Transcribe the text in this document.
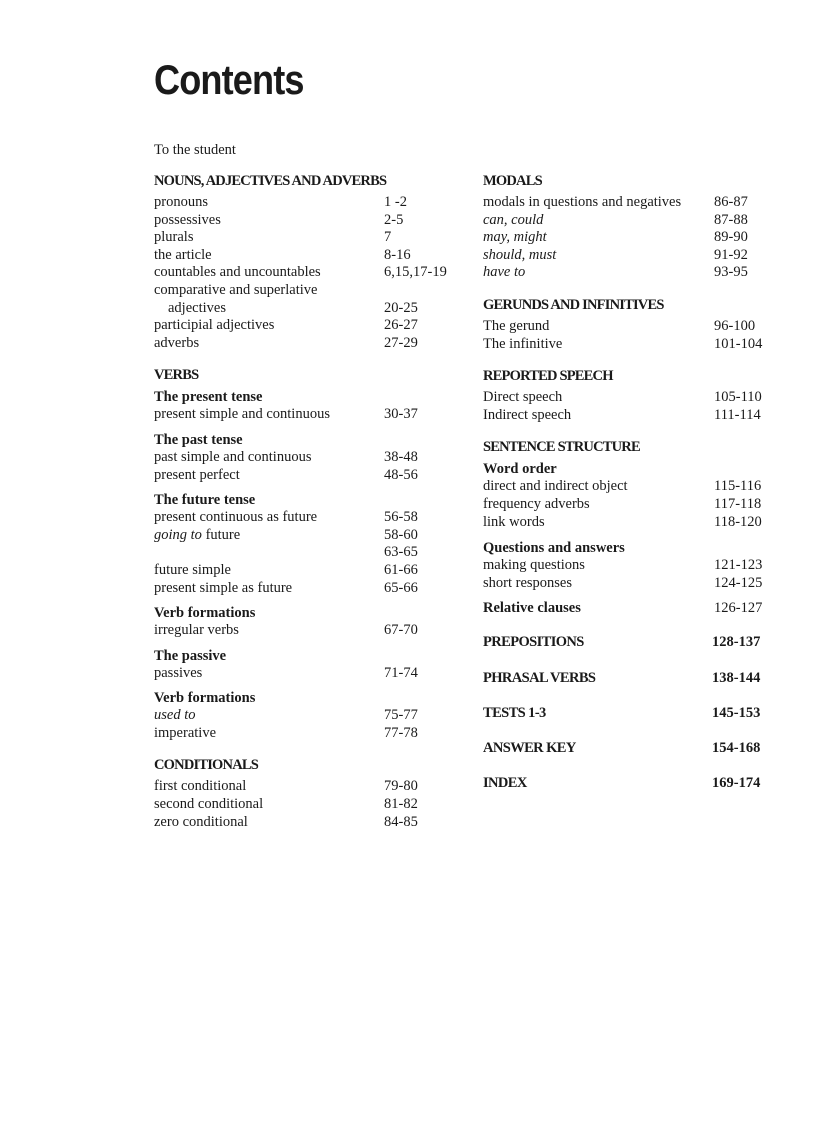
Contents
To the student
NOUNS, ADJECTIVES AND ADVERBS
pronouns	1 -2
possessives	2-5
plurals	7
the article	8-16
countables and uncountables	6,15,17-19
comparative and superlative
adjectives	20-25
participial adjectives	26-27
adverbs	27-29
VERBS
The present tense
present simple and continuous	30-37
The past tense
past simple and continuous	38-48
present perfect	48-56
The future tense
present continuous as future	56-58
going to future	58-60
63-65
future simple	61-66
present simple as future	65-66
Verb formations
irregular verbs	67-70
The passive
passives	71-74
Verb formations
used to	75-77
imperative	77-78
CONDITIONALS
first conditional	79-80
second conditional	81-82
zero conditional	84-85
MODALS
modals in questions and negatives	86-87
can, could	87-88
may, might	89-90
should, must	91-92
have to	93-95
GERUNDS AND INFINITIVES
The gerund	96-100
The infinitive	101-104
REPORTED SPEECH
Direct speech	105-110
Indirect speech	111-114
SENTENCE STRUCTURE
Word order
direct and indirect object	115-116
frequency adverbs	117-118
link words	118-120
Questions and answers
making questions	121-123
short responses	124-125
Relative clauses	126-127
PREPOSITIONS	128-137
PHRASAL VERBS	138-144
TESTS 1-3	145-153
ANSWER KEY	154-168
INDEX	169-174
